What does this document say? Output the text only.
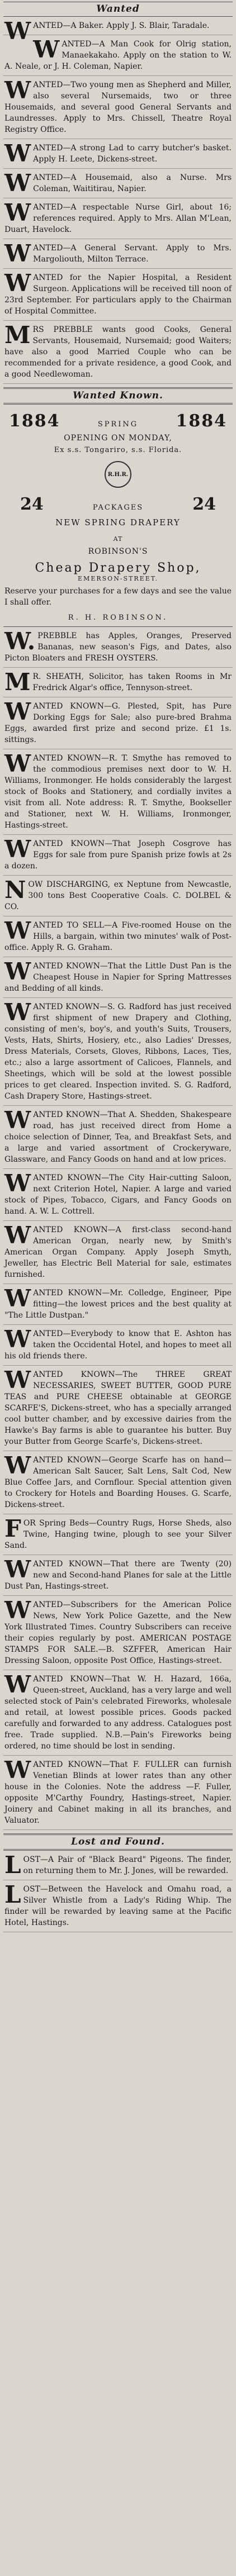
Wanted
WANTED—A Baker. Apply J. S. Blair, Taradale.
WANTED—A Man Cook for Olrig station, Manaekakaho. Apply on the station to W. A. Neale, or J. H. Coleman, Napier.
WANTED—Two young men as Shepherd and Miller, also several Nursemaids, two or three Housemaids, and several good General Servants and Laundresses. Apply to Mrs. Chissell, Theatre Royal Registry Office.
WANTED—A strong Lad to carry butcher's basket. Apply H. Leete, Dickens-street.
WANTED—A Housemaid, also a Nurse. Mrs Coleman, Waititirau, Napier.
WANTED—A respectable Nurse Girl, about 16; references required. Apply to Mrs. Allan M'Lean, Duart, Havelock.
WANTED—A General Servant. Apply to Mrs. Margoliouth, Milton Terrace.
WANTED for the Napier Hospital, a Resident Surgeon. Applications will be received till noon of 23rd September. For particulars apply to the Chairman of Hospital Committee.
MRS PREBBLE wants good Cooks, General Servants, Housemaid, Nursemaid; good Waiters; have also a good Married Couple who can be recommended for a private residence, a good Cook, and a good Needlewoman.
Wanted Known.
1884	SPRING 1884
OPENING ON MONDAY,
Ex s.s. Tongariro, s.s. Florida.
R.H.R.
24	PACKAGES	24
NEW SPRING DRAPERY
AT
ROBINSON'S
Cheap Drapery Shop,
EMERSON-STREET.
Reserve your purchases for a few days and see the value I shall offer.
R. H. ROBINSON.
W.PREBBLE has Apples, Oranges, Preserved Bananas, new season's Figs, and Dates, also Picton Bloaters and FRESH OYSTERS.
MR. SHEATH, Solicitor, has taken Rooms in Mr Fredrick Algar's office, Tennyson-street.
WANTED KNOWN—G. Plested, Spit, has Pure Dorking Eggs for Sale; also pure-bred Brahma Eggs, awarded first prize and second prize. £1 1s. sittings.
WANTED KNOWN—R. T. Smythe has removed to the commodious premises next door to W. H. Williams, Ironmonger. He holds considerably the largest stock of Books and Stationery, and cordially invites a visit from all. Note address: R. T. Smythe, Bookseller and Stationer, next W. H. Williams, Ironmonger, Hastings-street.
WANTED KNOWN—That Joseph Cosgrove has Eggs for sale from pure Spanish prize fowls at 2s a dozen.
NOW DISCHARGING, ex Neptune from Newcastle, 300 tons Best Cooperative Coals. C. DOLBEL & CO.
WANTED TO SELL—A Five-roomed House on the Hills, a bargain, within two minutes' walk of Post-office. Apply R. G. Graham.
WANTED KNOWN—That the Little Dust Pan is the Cheapest House in Napier for Spring Mattresses and Bedding of all kinds.
WANTED KNOWN—S. G. Radford has just received first shipment of new Drapery and Clothing, consisting of men's, boy's, and youth's Suits, Trousers, Vests, Hats, Shirts, Hosiery, etc., also Ladies' Dresses, Dress Materials, Corsets, Gloves, Ribbons, Laces, Ties, etc.; also a large assortment of Calicoes, Flannels, and Sheetings, which will be sold at the lowest possible prices to get cleared. Inspection invited. S. G. Radford, Cash Drapery Store, Hastings-street.
WANTED KNOWN—That A. Shedden, Shakespeare road, has just received direct from Home a choice selection of Dinner, Tea, and Breakfast Sets, and a large and varied assortment of Crockeryware, Glassware, and Fancy Goods on hand and at low prices.
WANTED KNOWN—The City Hair-cutting Saloon, next Criterion Hotel, Napier. A large and varied stock of Pipes, Tobacco, Cigars, and Fancy Goods on hand. A. W. L. Cottrell.
WANTED KNOWN—A first-class second-hand American Organ, nearly new, by Smith's American Organ Company. Apply Joseph Smyth, Jeweller, has Electric Bell Material for sale, estimates furnished.
WANTED KNOWN—Mr. Colledge, Engineer, Pipe fitting—the lowest prices and the best quality at "The Little Dustpan."
WANTED—Everybody to know that E. Ashton has taken the Occidental Hotel, and hopes to meet all his old friends there.
WANTED KNOWN—The THREE GREAT NECESSARIES, SWEET BUTTER, GOOD PURE TEAS and PURE CHEESE obtainable at GEORGE SCARFE'S, Dickens-street, who has a specially arranged cool butter chamber, and by excessive dairies from the Hawke's Bay farms is able to guarantee his butter. Buy your Butter from George Scarfe's, Dickens-street.
WANTED KNOWN—George Scarfe has on hand—American Salt Saucer, Salt Lens, Salt Cod, New Blue Coffee Jars, and Cornflour. Special attention given to Crockery for Hotels and Boarding Houses. G. Scarfe, Dickens-street.
FOR Spring Beds—Country Rugs, Horse Sheds, also Twine, Hanging twine, plough to see your Silver Sand.
WANTED KNOWN—That there are Twenty (20) new and Second-hand Planes for sale at the Little Dust Pan, Hastings-street.
WANTED—Subscribers for the American Police News, New York Police Gazette, and the New York Illustrated Times. Country Subscribers can receive their copies regularly by post. AMERICAN POSTAGE STAMPS FOR SALE.—B. SZFFER, American Hair Dressing Saloon, opposite Post Office, Hastings-street.
WANTED KNOWN—That W. H. Hazard, 166a, Queen-street, Auckland, has a very large and well selected stock of Pain's celebrated Fireworks, wholesale and retail, at lowest possible prices. Goods packed carefully and forwarded to any address. Catalogues post free. Trade supplied. N.B.—Pain's Fireworks being ordered, no time should be lost in sending.
WANTED KNOWN—That F. FULLER can furnish Venetian Blinds at lower rates than any other house in the Colonies. Note the address —F. Fuller, opposite M'Carthy Foundry, Hastings-street, Napier. Joinery and Cabinet making in all its branches, and Valuator.
Lost and Found.
LOST—A Pair of "Black Beard" Pigeons. The finder, on returning them to Mr. J. Jones, will be rewarded.
LOST—Between the Havelock and Omahu road, a Silver Whistle from a Lady's Riding Whip. The finder will be rewarded by leaving same at the Pacific Hotel, Hastings.
